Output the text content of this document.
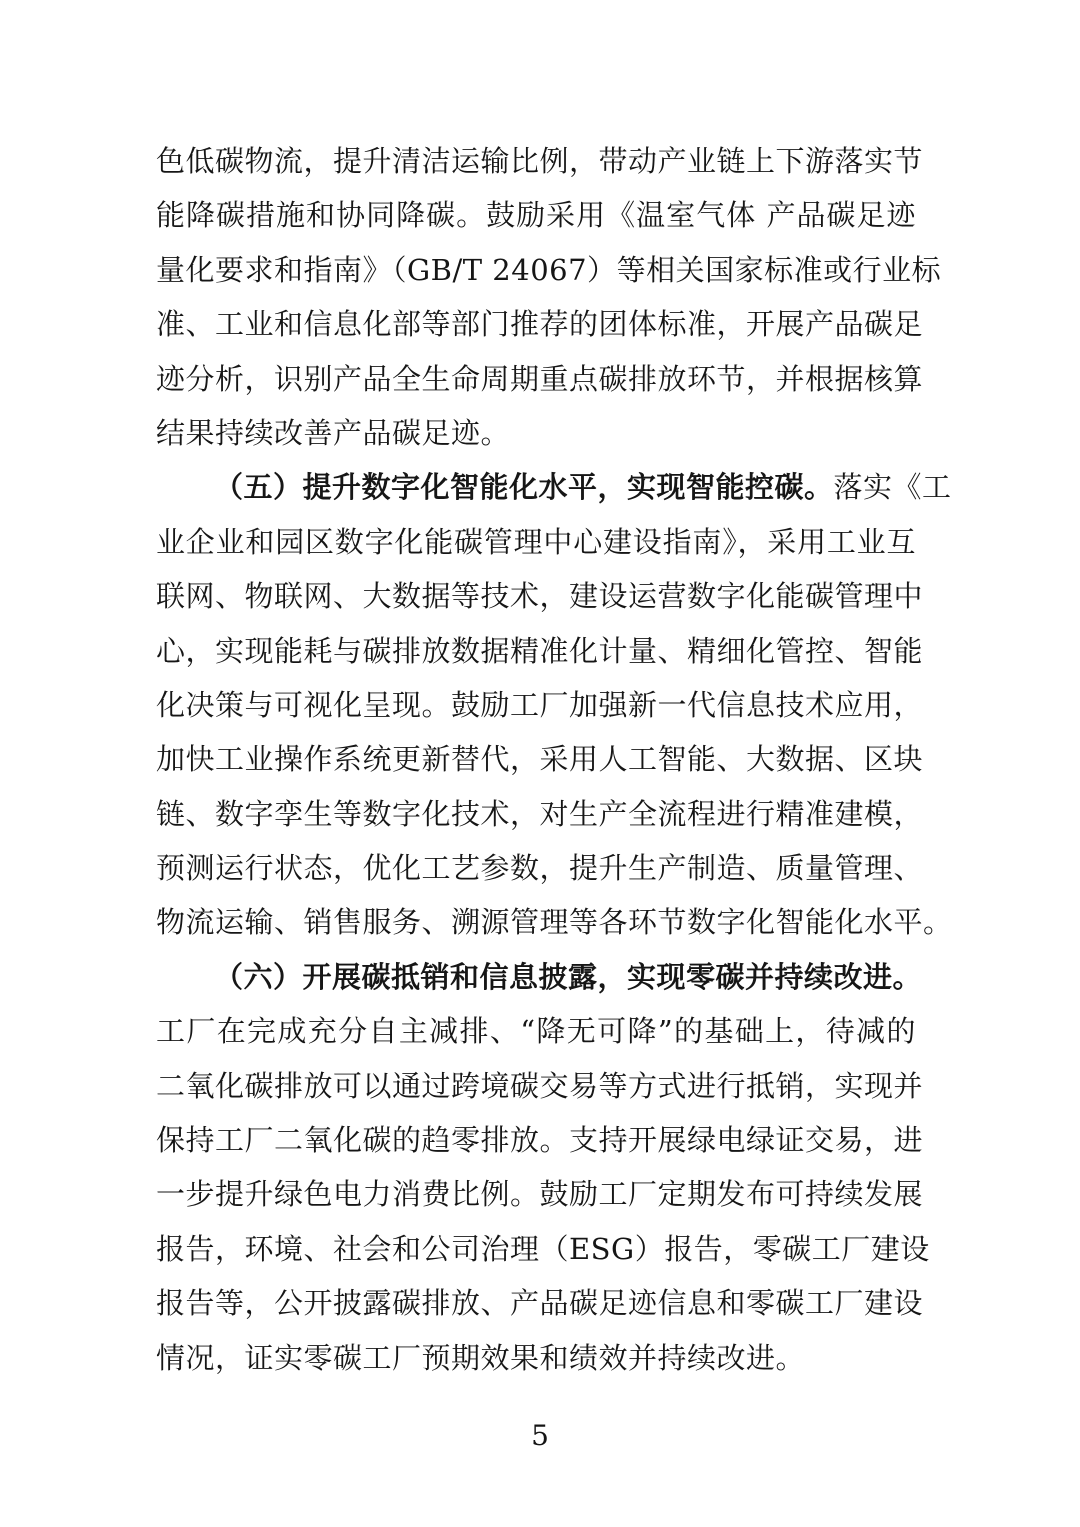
色低碳物流，提升清洁运输比例，带动产业链上下游落实节
能降碳措施和协同降碳。鼓励采用《温室气体 产品碳足迹
量化要求和指南》（GB/T 24067）等相关国家标准或行业标
准、工业和信息化部等部门推荐的团体标准，开展产品碳足
迹分析，识别产品全生命周期重点碳排放环节，并根据核算
结果持续改善产品碳足迹。
（五）提升数字化智能化水平，实现智能控碳。落实《工
业企业和园区数字化能碳管理中心建设指南》，采用工业互
联网、物联网、大数据等技术，建设运营数字化能碳管理中
心，实现能耗与碳排放数据精准化计量、精细化管控、智能
化决策与可视化呈现。鼓励工厂加强新一代信息技术应用，
加快工业操作系统更新替代，采用人工智能、大数据、区块
链、数字孪生等数字化技术，对生产全流程进行精准建模，
预测运行状态，优化工艺参数，提升生产制造、质量管理、
物流运输、销售服务、溯源管理等各环节数字化智能化水平。
（六）开展碳抵销和信息披露，实现零碳并持续改进。
工厂在完成充分自主减排、“降无可降”的基础上，待减的
二氧化碳排放可以通过跨境碳交易等方式进行抵销，实现并
保持工厂二氧化碳的趋零排放。支持开展绿电绿证交易，进
一步提升绿色电力消费比例。鼓励工厂定期发布可持续发展
报告，环境、社会和公司治理（ESG）报告，零碳工厂建设
报告等，公开披露碳排放、产品碳足迹信息和零碳工厂建设
情况，证实零碳工厂预期效果和绩效并持续改进。
5
